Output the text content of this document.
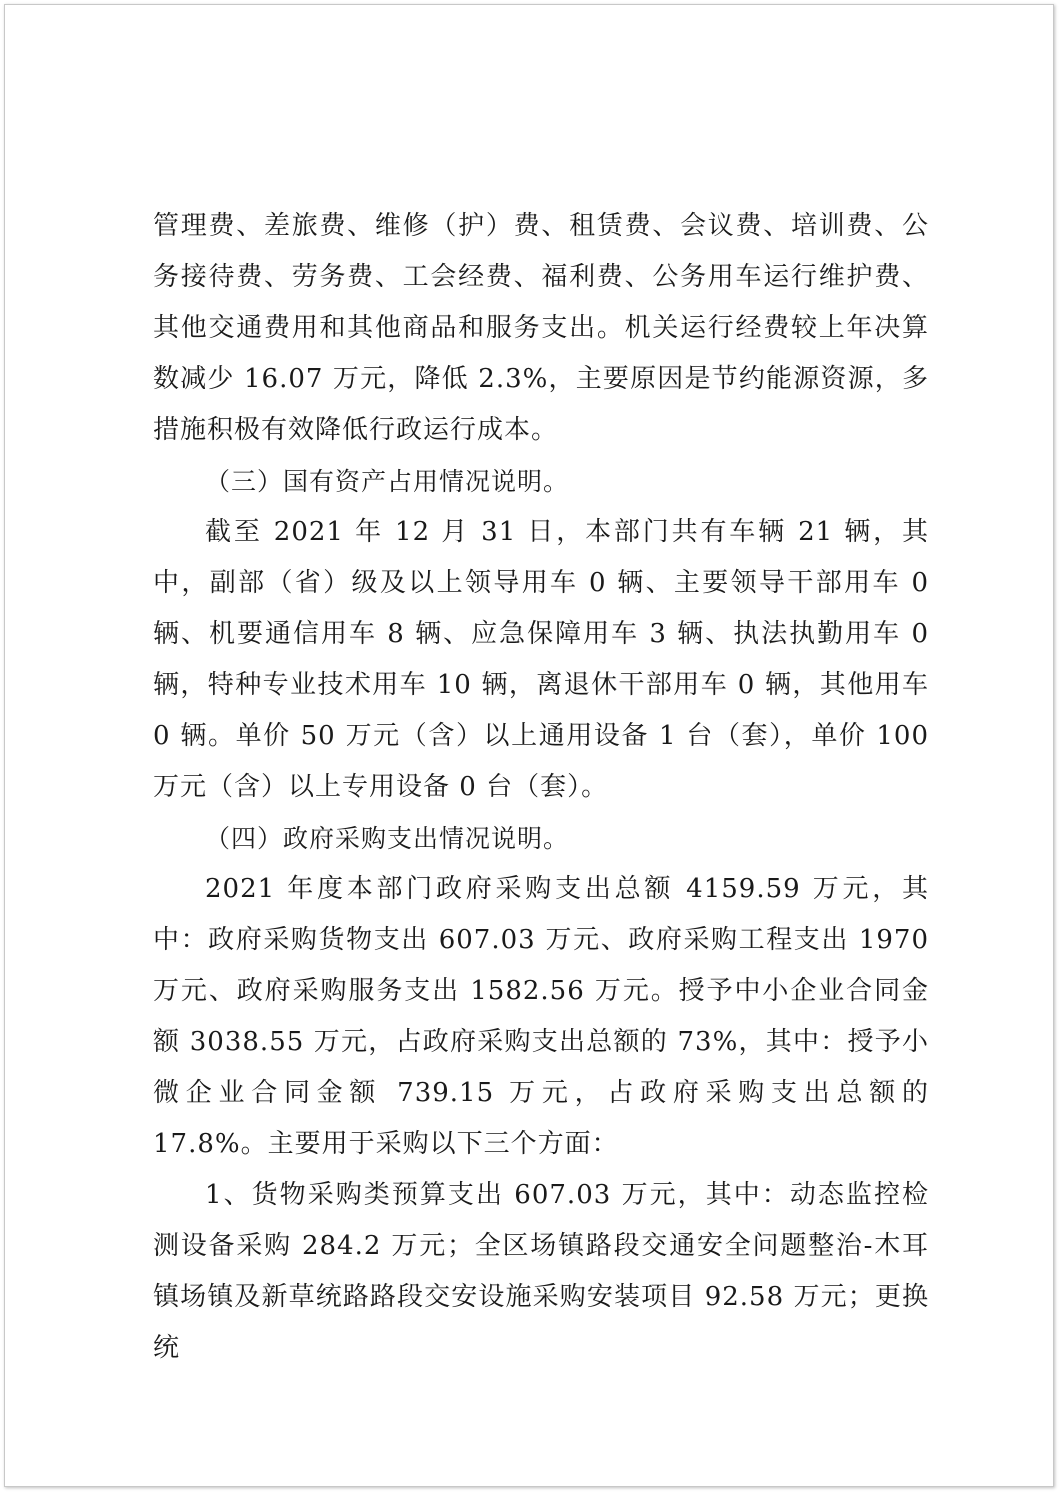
管理费、差旅费、维修（护）费、租赁费、会议费、培训费、公务接待费、劳务费、工会经费、福利费、公务用车运行维护费、其他交通费用和其他商品和服务支出。机关运行经费较上年决算数减少 16.07 万元，降低 2.3%，主要原因是节约能源资源，多措施积极有效降低行政运行成本。

（三）国有资产占用情况说明。

截至 2021 年 12 月 31 日，本部门共有车辆 21 辆，其中，副部（省）级及以上领导用车 0 辆、主要领导干部用车 0 辆、机要通信用车 8 辆、应急保障用车 3 辆、执法执勤用车 0 辆，特种专业技术用车 10 辆，离退休干部用车 0 辆，其他用车 0 辆。单价 50 万元（含）以上通用设备 1 台（套），单价 100 万元（含）以上专用设备 0 台（套）。

（四）政府采购支出情况说明。

2021 年度本部门政府采购支出总额 4159.59 万元，其中：政府采购货物支出 607.03 万元、政府采购工程支出 1970 万元、政府采购服务支出 1582.56 万元。授予中小企业合同金额 3038.55 万元，占政府采购支出总额的 73%，其中：授予小微企业合同金额 739.15 万元，占政府采购支出总额的 17.8%。主要用于采购以下三个方面：

1、货物采购类预算支出 607.03 万元，其中：动态监控检测设备采购 284.2 万元；全区场镇路段交通安全问题整治-木耳镇场镇及新草统路路段交安设施采购安装项目 92.58 万元；更换统
